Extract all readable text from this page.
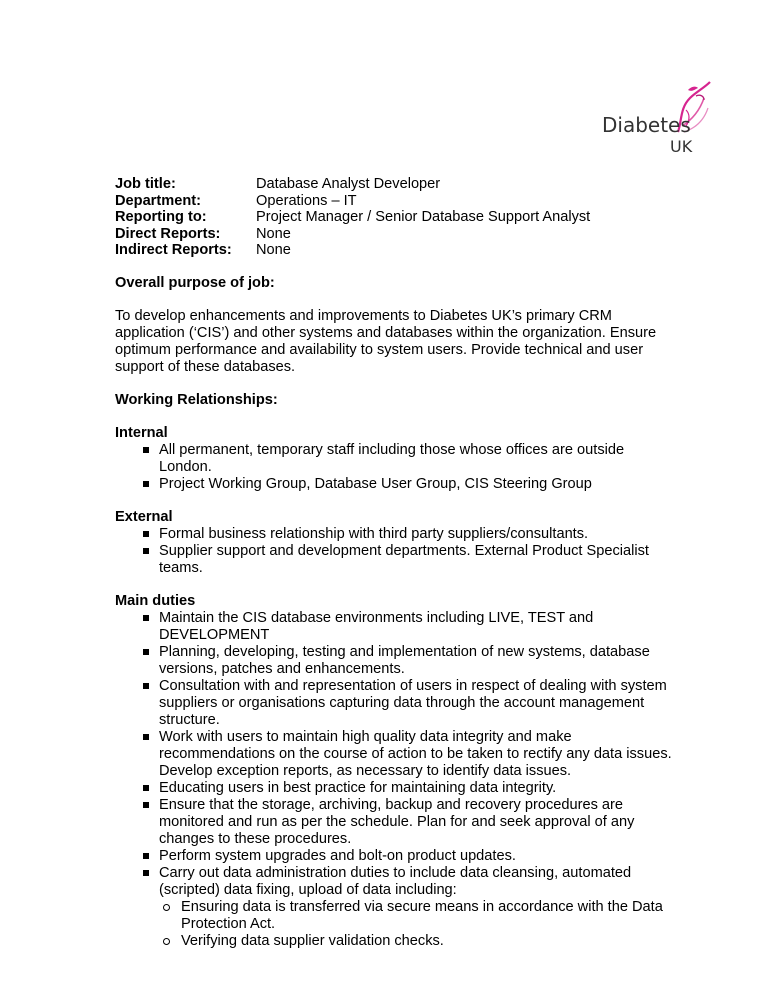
Diabetes
UK
Job title:	Database Analyst Developer
Department:	Operations – IT
Reporting to:	Project Manager / Senior Database Support Analyst
Direct Reports:	None
Indirect Reports:	None
Overall purpose of job:

To develop enhancements and improvements to Diabetes UK’s primary CRM application (‘CIS’) and other systems and databases within the organization. Ensure optimum performance and availability to system users. Provide technical and user support of these databases.

Working Relationships:
Internal
All permanent, temporary staff including those whose offices are outside London.
Project Working Group, Database User Group, CIS Steering Group
External
Formal business relationship with third party suppliers/consultants.
Supplier support and development departments. External Product Specialist teams.
Main duties
Maintain the CIS database environments including LIVE, TEST and DEVELOPMENT
Planning, developing, testing and implementation of new systems, database versions, patches and enhancements.
Consultation with and representation of users in respect of dealing with system suppliers or organisations capturing data through the account management structure.
Work with users to maintain high quality data integrity and make recommendations on the course of action to be taken to rectify any data issues. Develop exception reports, as necessary to identify data issues.
Educating users in best practice for maintaining data integrity.
Ensure that the storage, archiving, backup and recovery procedures are monitored and run as per the schedule. Plan for and seek approval of any changes to these procedures.
Perform system upgrades and bolt-on product updates.
Carry out data administration duties to include data cleansing, automated (scripted) data fixing, upload of data including:
Ensuring data is transferred via secure means in accordance with the Data Protection Act.
Verifying data supplier validation checks.
